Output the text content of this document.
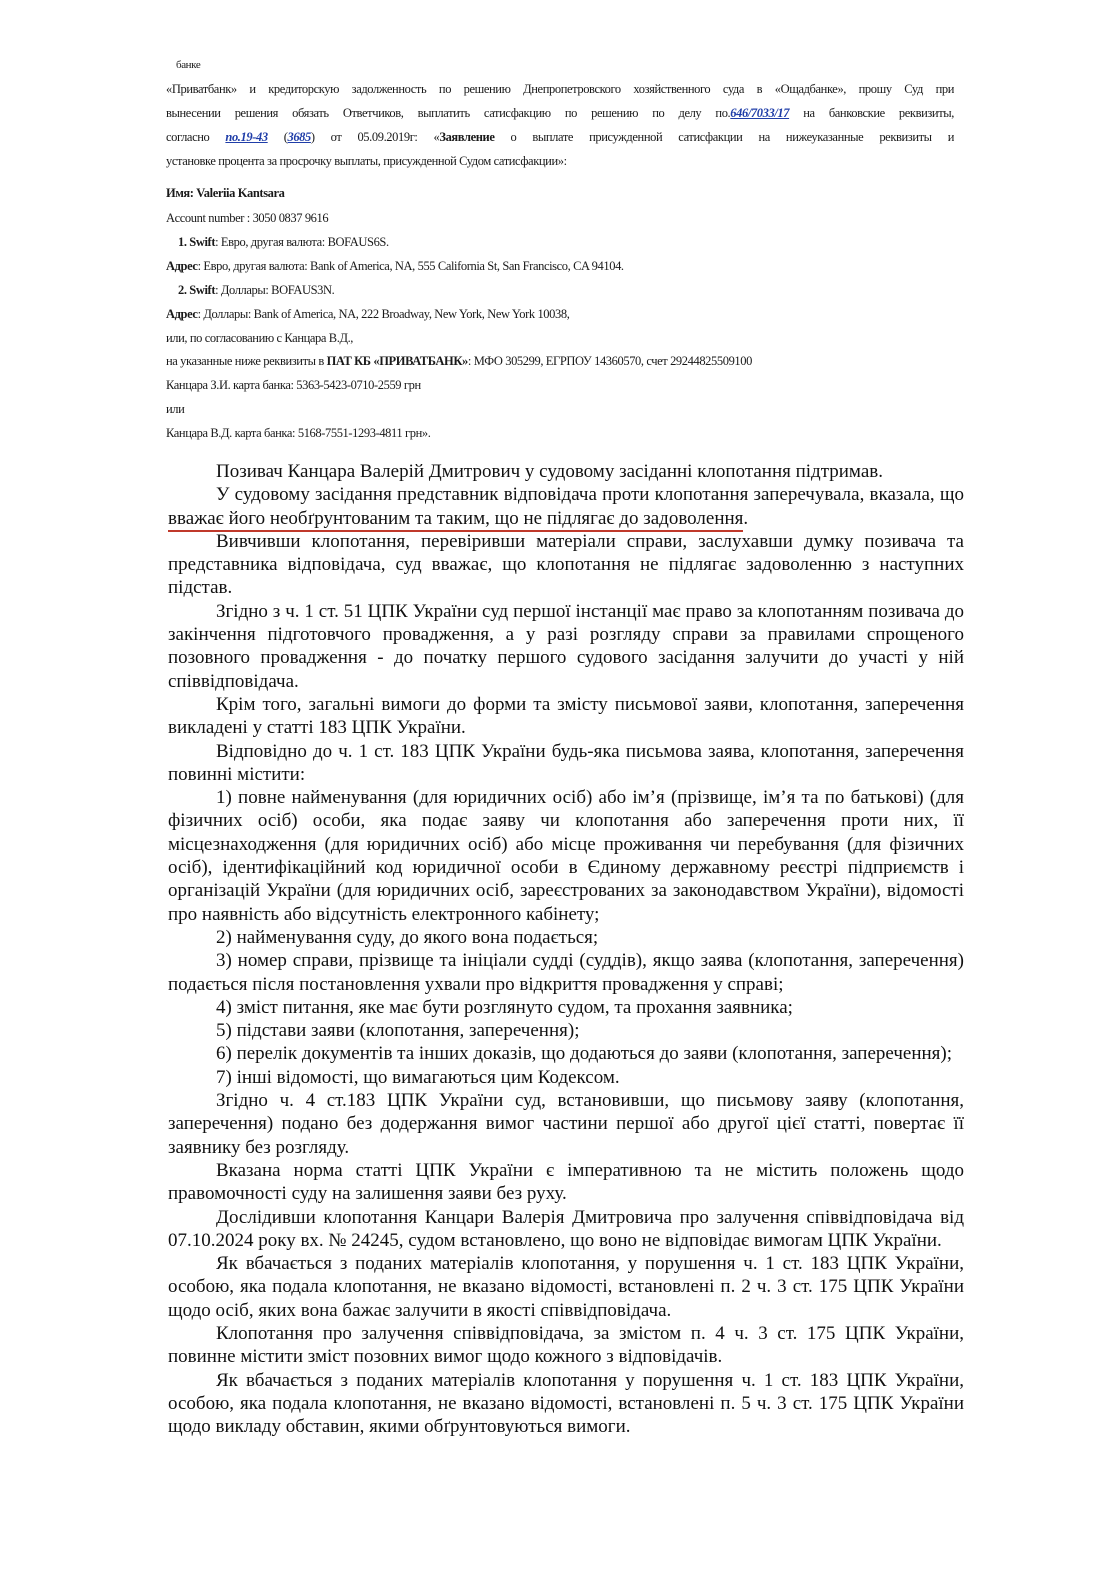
банке
«Приватбанк» и кредиторскую задолженность по решению Днепропетровского хозяйственного суда в «Ощадбанке», прошу Суд при
вынесении решения обязать Ответчиков, выплатить сатисфакцию по решению по делу по.646/7033/17 на банковские реквизиты,
согласно по.19-43 (3685) от 05.09.2019г: «Заявление о выплате присужденной сатисфакции на нижеуказанные реквизиты и
установке процента за просрочку выплаты, присужденной Судом сатисфакции»:
Имя: Valeriia Kantsara
Account number : 3050 0837 9616
1. Swift: Евро, другая валюта: BOFAUS6S.
Адрес: Евро, другая валюта: Bank of America, NA, 555 California St, San Francisco, CA 94104.
2. Swift: Доллары: BOFAUS3N.
Адрес: Доллары: Bank of America, NA, 222 Broadway, New York, New York 10038,
или, по согласованию с Канцара В.Д.,
на указанные ниже реквизиты в ПАТ КБ «ПРИВАТБАНК»: МФО 305299, ЕГРПОУ 14360570, счет 29244825509100
Канцара З.И. карта банка: 5363-5423-0710-2559 грн
или
Канцара В.Д. карта банка: 5168-7551-1293-4811 грн».

Позивач Канцара Валерій Дмитрович у судовому засіданні клопотання підтримав.

У судовому засідання представник відповідача проти клопотання заперечувала, вказала, що вважає його необґрунтованим та таким, що не підлягає до задоволення.

Вивчивши клопотання, перевіривши матеріали справи, заслухавши думку позивача та представника відповідача, суд вважає, що клопотання не підлягає задоволенню з наступних підстав.

Згідно з ч. 1 ст. 51 ЦПК України суд першої інстанції має право за клопотанням позивача до закінчення підготовчого провадження, а у разі розгляду справи за правилами спрощеного позовного провадження - до початку першого судового засідання залучити до участі у ній співвідповідача.

Крім того, загальні вимоги до форми та змісту письмової заяви, клопотання, заперечення викладені у статті 183 ЦПК України.

Відповідно до ч. 1 ст. 183 ЦПК України будь-яка письмова заява, клопотання, заперечення повинні містити:

1) повне найменування (для юридичних осіб) або ім’я (прізвище, ім’я та по батькові) (для фізичних осіб) особи, яка подає заяву чи клопотання або заперечення проти них, її місцезнаходження (для юридичних осіб) або місце проживання чи перебування (для фізичних осіб), ідентифікаційний код юридичної особи в Єдиному державному реєстрі підприємств і організацій України (для юридичних осіб, зареєстрованих за законодавством України), відомості про наявність або відсутність електронного кабінету;

2) найменування суду, до якого вона подається;

3) номер справи, прізвище та ініціали судді (суддів), якщо заява (клопотання, заперечення) подається після постановлення ухвали про відкриття провадження у справі;

4) зміст питання, яке має бути розглянуто судом, та прохання заявника;

5) підстави заяви (клопотання, заперечення);

6) перелік документів та інших доказів, що додаються до заяви (клопотання, заперечення);

7) інші відомості, що вимагаються цим Кодексом.

Згідно ч. 4 ст.183 ЦПК України суд, встановивши, що письмову заяву (клопотання, заперечення) подано без додержання вимог частини першої або другої цієї статті, повертає її заявнику без розгляду.

Вказана норма статті ЦПК України є імперативною та не містить положень щодо правомочності суду на залишення заяви без руху.

Дослідивши клопотання Канцари Валерія Дмитровича про залучення співвідповідача від 07.10.2024 року вх. № 24245, судом встановлено, що воно не відповідає вимогам ЦПК України.

Як вбачається з поданих матеріалів клопотання, у порушення ч. 1 ст. 183 ЦПК України, особою, яка подала клопотання, не вказано відомості, встановлені п. 2 ч. 3 ст. 175 ЦПК України щодо осіб, яких вона бажає залучити в якості співвідповідача.

Клопотання про залучення співвідповідача, за змістом п. 4 ч. 3 ст. 175 ЦПК України, повинне містити зміст позовних вимог щодо кожного з відповідачів.

Як вбачається з поданих матеріалів клопотання у порушення ч. 1 ст. 183 ЦПК України, особою, яка подала клопотання, не вказано відомості, встановлені п. 5 ч. 3 ст. 175 ЦПК України щодо викладу обставин, якими обґрунтовуються вимоги.
